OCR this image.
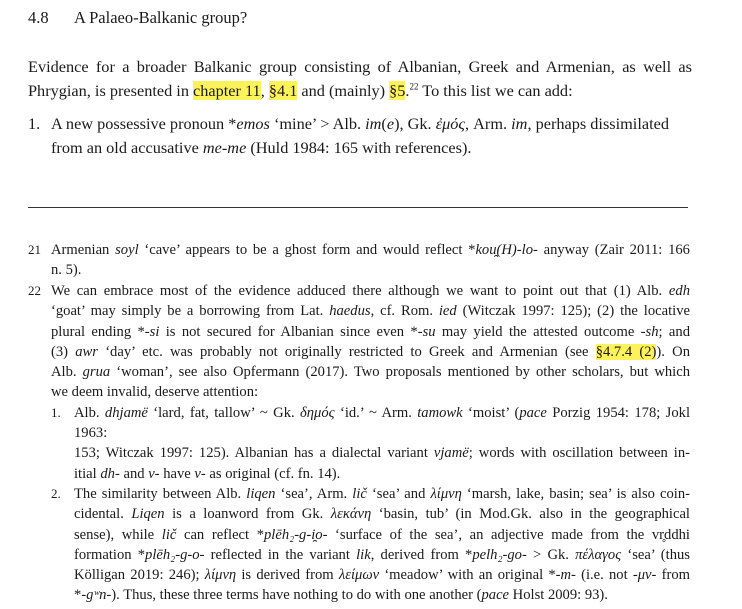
4.8 A Palaeo-Balkanic group?
Evidence for a broader Balkanic group consisting of Albanian, Greek and Armenian, as well as
Phrygian, is presented in chapter 11, §4.1 and (mainly) §5.22 To this list we can add:
1. A new possessive pronoun *emos ‘mine’ > Alb. im(e), Gk. ἐμός, Arm. im, perhaps dissimilated
from an old accusative me-me (Huld 1984: 165 with references).
21 Armenian soyl ‘cave’ appears to be a ghost form and would reflect *kou̯(H)-lo- anyway (Zair 2011: 166
n. 5).
22 We can embrace most of the evidence adduced there although we want to point out that (1) Alb. edh
‘goat’ may simply be a borrowing from Lat. haedus, cf. Rom. ied (Witczak 1997: 125); (2) the locative
plural ending *-si is not secured for Albanian since even *-su may yield the attested outcome -sh; and
(3) awr ‘day’ etc. was probably not originally restricted to Greek and Armenian (see §4.7.4 (2)). On
Alb. grua ‘woman’, see also Opfermann (2017). Two proposals mentioned by other scholars, but which
we deem invalid, deserve attention:
1. Alb. dhjamë ‘lard, fat, tallow’ ~ Gk. δημός ‘id.’ ~ Arm. tamowk ‘moist’ (pace Porzig 1954: 178; Jokl 1963:
153; Witczak 1997: 125). Albanian has a dialectal variant vjamë; words with oscillation between in-
itial dh- and v- have v- as original (cf. fn. 14).
2. The similarity between Alb. liqen ‘sea’, Arm. lič ‘sea’ and λίμνη ‘marsh, lake, basin; sea’ is also coin-
cidental. Liqen is a loanword from Gk. λεκάνη ‘basin, tub’ (in Mod.Gk. also in the geographical
sense), while lič can reflect *plēh₂-g-i̯o- ‘surface of the sea’, an adjective made from the vr̥ddhi
formation *plēh₂-g-o- reflected in the variant lik, derived from *pelh₂-go- > Gk. πέλαγος ‘sea’ (thus
Kölligan 2019: 246); λίμνη is derived from λείμων ‘meadow’ with an original *-m- (i.e. not -μν- from
*-gʷn-). Thus, these three terms have nothing to do with one another (pace Holst 2009: 93).
